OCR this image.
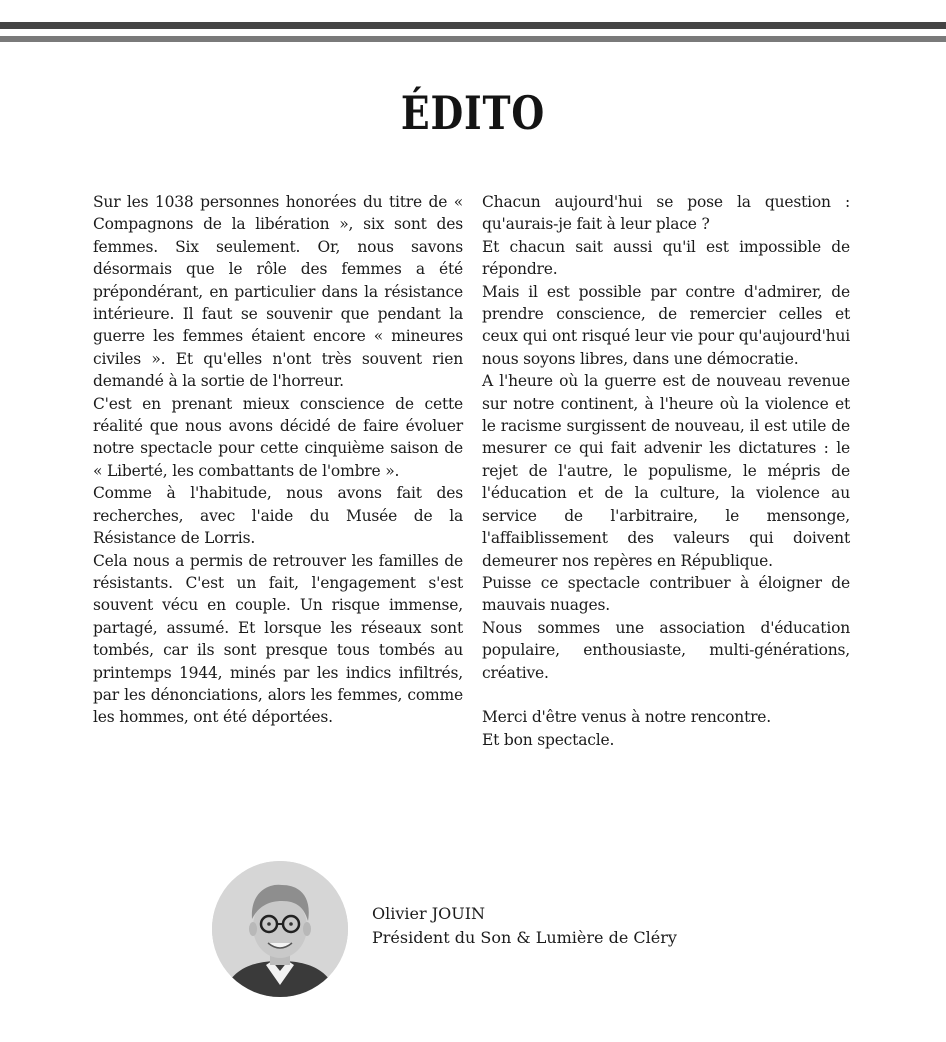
ÉDITO

Sur les 1038 personnes honorées du titre de « Compagnons de la libération », six sont des femmes. Six seulement. Or, nous savons désormais que le rôle des femmes a été prépondérant, en particulier dans la résistance intérieure. Il faut se souvenir que pendant la guerre les femmes étaient encore « mineures civiles ». Et qu'elles n'ont très souvent rien demandé à la sortie de l'horreur.

C'est en prenant mieux conscience de cette réalité que nous avons décidé de faire évoluer notre spectacle pour cette cinquième saison de « Liberté, les combattants de l'ombre ».

Comme à l'habitude, nous avons fait des recherches, avec l'aide du Musée de la Résistance de Lorris.

Cela nous a permis de retrouver les familles de résistants. C'est un fait, l'engagement s'est souvent vécu en couple. Un risque immense, partagé, assumé. Et lorsque les réseaux sont tombés, car ils sont presque tous tombés au printemps 1944, minés par les indics infiltrés, par les dénonciations, alors les femmes, comme les hommes, ont été déportées.

Chacun aujourd'hui se pose la question : qu'aurais-je fait à leur place ?

Et chacun sait aussi qu'il est impossible de répondre.

Mais il est possible par contre d'admirer, de prendre conscience, de remercier celles et ceux qui ont risqué leur vie pour qu'aujourd'hui nous soyons libres, dans une démocratie.

A l'heure où la guerre est de nouveau revenue sur notre continent, à l'heure où la violence et le racisme surgissent de nouveau, il est utile de mesurer ce qui fait advenir les dictatures : le rejet de l'autre, le populisme, le mépris de l'éducation et de la culture, la violence au service de l'arbitraire, le mensonge, l'affaiblissement des valeurs qui doivent demeurer nos repères en République.

Puisse ce spectacle contribuer à éloigner de mauvais nuages.

Nous sommes une association d'éducation populaire, enthousiaste, multi-générations, créative.

Merci d'être venus à notre rencontre.

Et bon spectacle.

Olivier JOUIN
Président du Son & Lumière de Cléry
